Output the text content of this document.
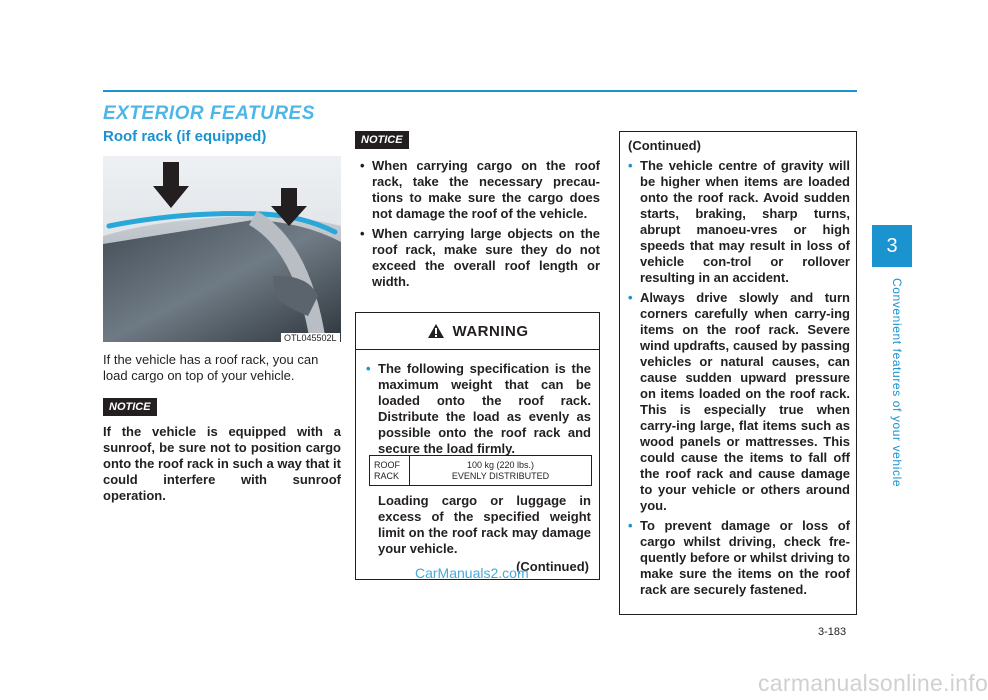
EXTERIOR FEATURES
Roof rack (if equipped)
OTL045502L

If the vehicle has a roof rack, you can load cargo on top of your vehicle.

NOTICE

If the vehicle is equipped with a sunroof, be sure not to position cargo onto the roof rack in such a way that it could interfere with sunroof operation.

NOTICE
• When carrying cargo on the roof rack, take the necessary precau-tions to make sure the cargo does not damage the roof of the vehicle.
• When carrying large objects on the roof rack, make sure they do not exceed the overall roof length or width.
WARNING
• The following specification is the maximum weight that can be loaded onto the roof rack. Distribute the load as evenly as possible onto the roof rack and secure the load firmly.
ROOF
RACK	100 kg (220 lbs.)
EVENLY DISTRIBUTED

Loading cargo or luggage in excess of the specified weight limit on the roof rack may damage your vehicle.

(Continued)
CarManuals2.com
(Continued)
• The vehicle centre of gravity will be higher when items are loaded onto the roof rack. Avoid sudden starts, braking, sharp turns, abrupt manoeu-vres or high speeds that may result in loss of vehicle con-trol or rollover resulting in an accident.
• Always drive slowly and turn corners carefully when carry-ing items on the roof rack. Severe wind updrafts, caused by passing vehicles or natural causes, can cause sudden upward pressure on items loaded on the roof rack. This is especially true when carry-ing large, flat items such as wood panels or mattresses. This could cause the items to fall off the roof rack and cause damage to your vehicle or others around you.
• To prevent damage or loss of cargo whilst driving, check fre-quently before or whilst driving to make sure the items on the roof rack are securely fastened.
3
Convenient features of your vehicle
3-183
carmanualsonline.info
